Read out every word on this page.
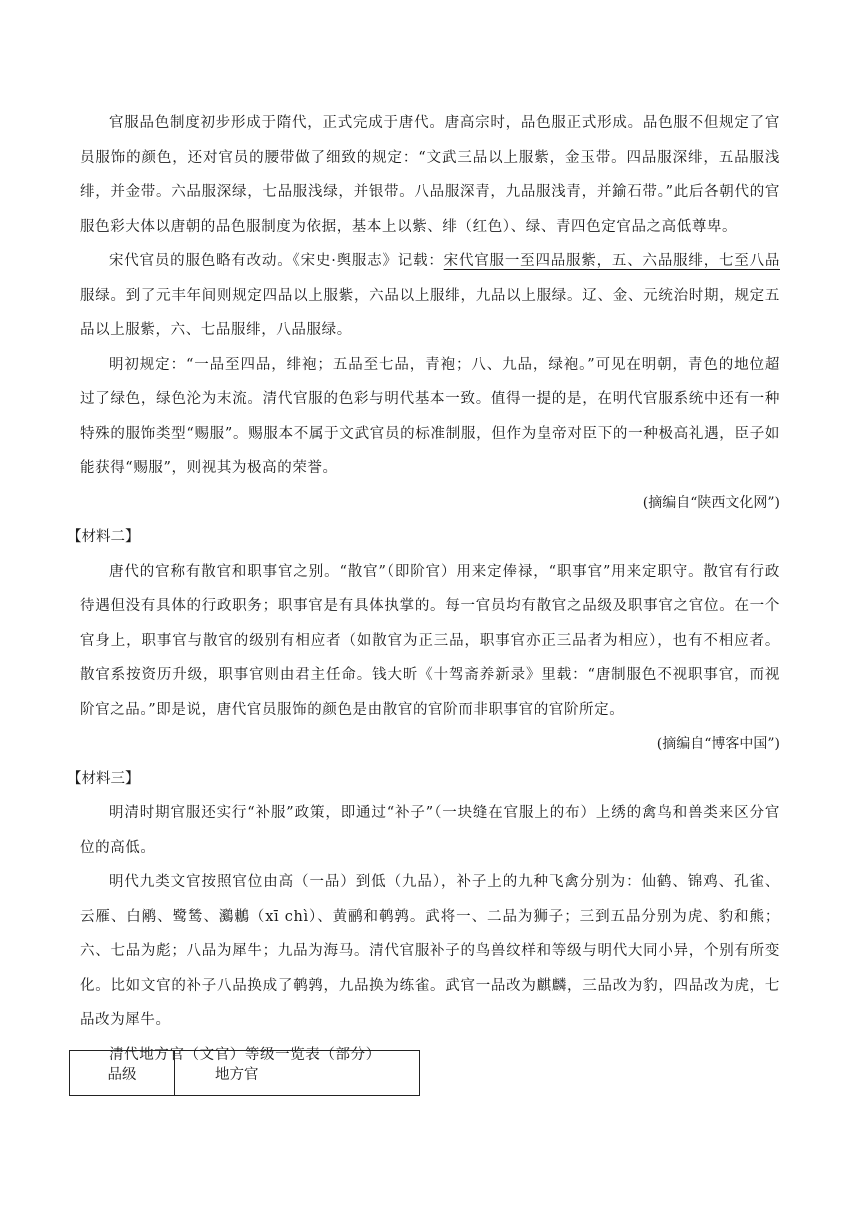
官服品色制度初步形成于隋代，正式完成于唐代。唐高宗时，品色服正式形成。品色服不但规定了官员服饰的颜色，还对官员的腰带做了细致的规定：“文武三品以上服紫，金玉带。四品服深绯，五品服浅绯，并金带。六品服深绿，七品服浅绿，并银带。八品服深青，九品服浅青，并鍮石带。”此后各朝代的官服色彩大体以唐朝的品色服制度为依据，基本上以紫、绯（红色）、绿、青四色定官品之高低尊卑。

宋代官员的服色略有改动。《宋史·舆服志》记载：宋代官服一至四品服紫，五、六品服绯，七至八品服绿。到了元丰年间则规定四品以上服紫，六品以上服绯，九品以上服绿。辽、金、元统治时期，规定五品以上服紫，六、七品服绯，八品服绿。

明初规定：“一品至四品，绯袍；五品至七品，青袍；八、九品，绿袍。”可见在明朝，青色的地位超过了绿色，绿色沦为末流。清代官服的色彩与明代基本一致。值得一提的是，在明代官服系统中还有一种特殊的服饰类型“赐服”。赐服本不属于文武官员的标准制服，但作为皇帝对臣下的一种极高礼遇，臣子如能获得“赐服”，则视其为极高的荣誉。

(摘编自“陕西文化网”)
【材料二】

唐代的官称有散官和职事官之别。“散官”（即阶官）用来定俸禄，“职事官”用来定职守。散官有行政待遇但没有具体的行政职务；职事官是有具体执掌的。每一官员均有散官之品级及职事官之官位。在一个官身上，职事官与散官的级别有相应者（如散官为正三品，职事官亦正三品者为相应），也有不相应者。散官系按资历升级，职事官则由君主任命。钱大昕《十驾斋养新录》里载：“唐制服色不视职事官，而视阶官之品。”即是说，唐代官员服饰的颜色是由散官的官阶而非职事官的官阶所定。

(摘编自“博客中国”)
【材料三】

明清时期官服还实行“补服”政策，即通过“补子”（一块缝在官服上的布）上绣的禽鸟和兽类来区分官位的高低。

明代九类文官按照官位由高（一品）到低（九品），补子上的九种飞禽分别为：仙鹤、锦鸡、孔雀、云雁、白鹇、鹭鸶、鸂鶒（xī chì）、黄鹂和鹌鹑。武将一、二品为狮子；三到五品分别为虎、豹和熊；六、七品为彪；八品为犀牛；九品为海马。清代官服补子的鸟兽纹样和等级与明代大同小异，个别有所变化。比如文官的补子八品换成了鹌鹑，九品换为练雀。武官一品改为麒麟，三品改为豹，四品改为虎，七品改为犀牛。

清代地方官（文官）等级一览表（部分）

品级	地方官
